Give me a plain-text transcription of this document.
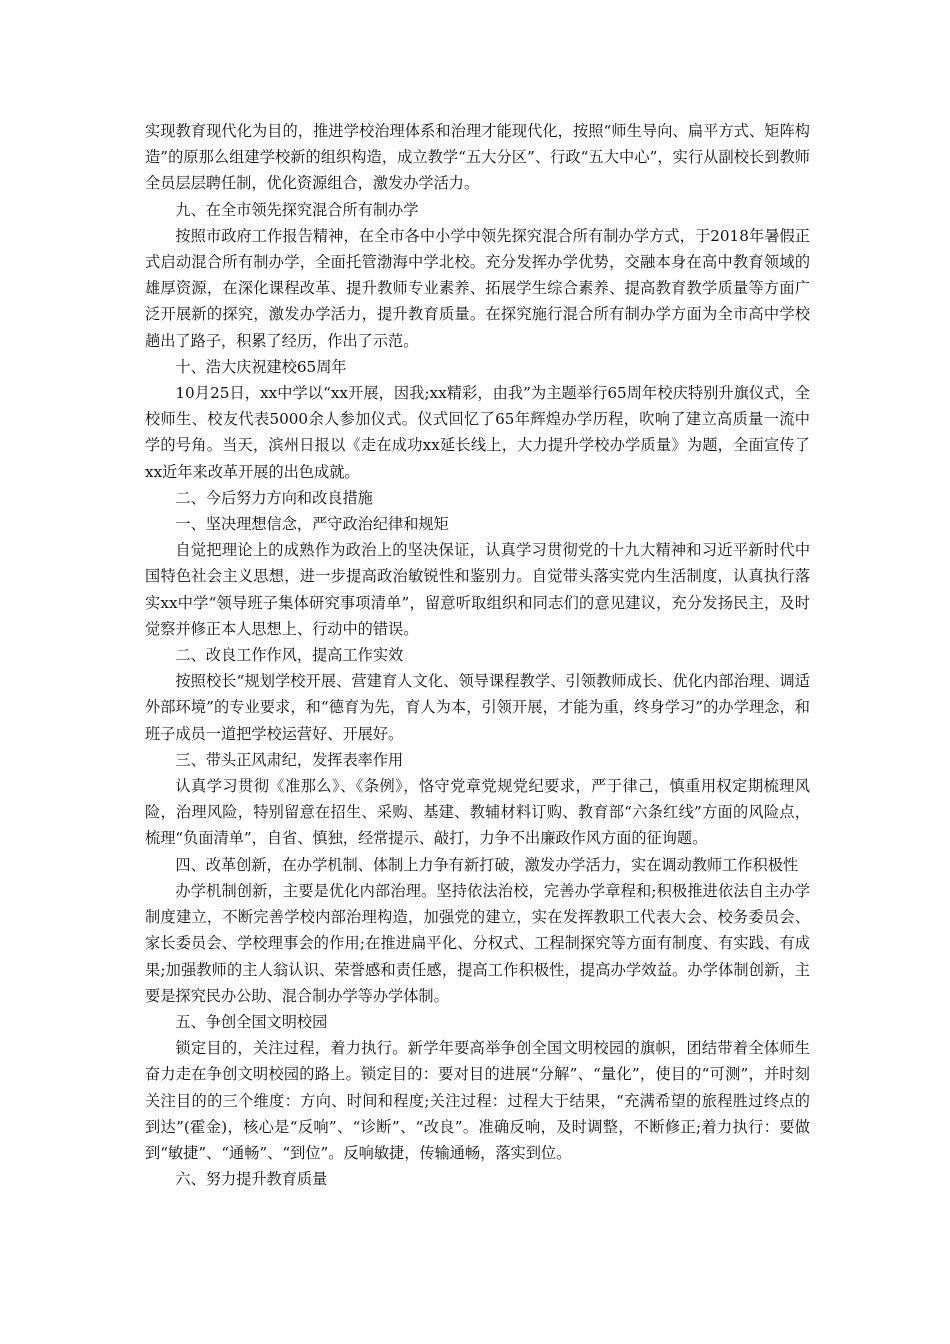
实现教育现代化为目的，推进学校治理体系和治理才能现代化，按照“师生导向、扁平方式、矩阵构造”的原那么组建学校新的组织构造，成立教学“五大分区”、行政“五大中心”，实行从副校长到教师全员层层聘任制，优化资源组合，激发办学活力。

九、在全市领先探究混合所有制办学

按照市政府工作报告精神，在全市各中小学中领先探究混合所有制办学方式，于2018年暑假正式启动混合所有制办学，全面托管渤海中学北校。充分发挥办学优势，交融本身在高中教育领域的雄厚资源，在深化课程改革、提升教师专业素养、拓展学生综合素养、提高教育教学质量等方面广泛开展新的探究，激发办学活力，提升教育质量。在探究施行混合所有制办学方面为全市高中学校趟出了路子，积累了经历，作出了示范。

十、浩大庆祝建校65周年

10月25日，xx中学以“xx开展，因我;xx精彩，由我”为主题举行65周年校庆特别升旗仪式，全校师生、校友代表5000余人参加仪式。仪式回忆了65年辉煌办学历程，吹响了建立高质量一流中学的号角。当天，滨州日报以《走在成功xx延长线上，大力提升学校办学质量》为题，全面宣传了xx近年来改革开展的出色成就。

二、今后努力方向和改良措施

一、坚决理想信念，严守政治纪律和规矩

自觉把理论上的成熟作为政治上的坚决保证，认真学习贯彻党的十九大精神和习近平新时代中国特色社会主义思想，进一步提高政治敏锐性和鉴别力。自觉带头落实党内生活制度，认真执行落实xx中学“领导班子集体研究事项清单”，留意听取组织和同志们的意见建议，充分发扬民主，及时觉察并修正本人思想上、行动中的错误。

二、改良工作作风，提高工作实效

按照校长“规划学校开展、营建育人文化、领导课程教学、引领教师成长、优化内部治理、调适外部环境”的专业要求，和“德育为先，育人为本，引领开展，才能为重，终身学习”的办学理念，和班子成员一道把学校运营好、开展好。

三、带头正风肃纪，发挥表率作用

认真学习贯彻《准那么》、《条例》，恪守党章党规党纪要求，严于律己，慎重用权定期梳理风险，治理风险，特别留意在招生、采购、基建、教辅材料订购、教育部“六条红线”方面的风险点，梳理“负面清单”，自省、慎独，经常提示、敲打，力争不出廉政作风方面的征询题。

四、改革创新，在办学机制、体制上力争有新打破，激发办学活力，实在调动教师工作积极性

办学机制创新，主要是优化内部治理。坚持依法治校，完善办学章程和;积极推进依法自主办学制度建立，不断完善学校内部治理构造，加强党的建立，实在发挥教职工代表大会、校务委员会、家长委员会、学校理事会的作用;在推进扁平化、分权式、工程制探究等方面有制度、有实践、有成果;加强教师的主人翁认识、荣誉感和责任感，提高工作积极性，提高办学效益。办学体制创新，主要是探究民办公助、混合制办学等办学体制。

五、争创全国文明校园

锁定目的，关注过程，着力执行。新学年要高举争创全国文明校园的旗帜，团结带着全体师生奋力走在争创文明校园的路上。锁定目的：要对目的进展“分解”、“量化”，使目的“可测”，并时刻关注目的的三个维度：方向、时间和程度;关注过程：过程大于结果，“充满希望的旅程胜过终点的到达”(霍金)，核心是“反响”、“诊断”、“改良”。准确反响，及时调整，不断修正;着力执行：要做到“敏捷”、“通畅”、“到位”。反响敏捷，传输通畅，落实到位。

六、努力提升教育质量
